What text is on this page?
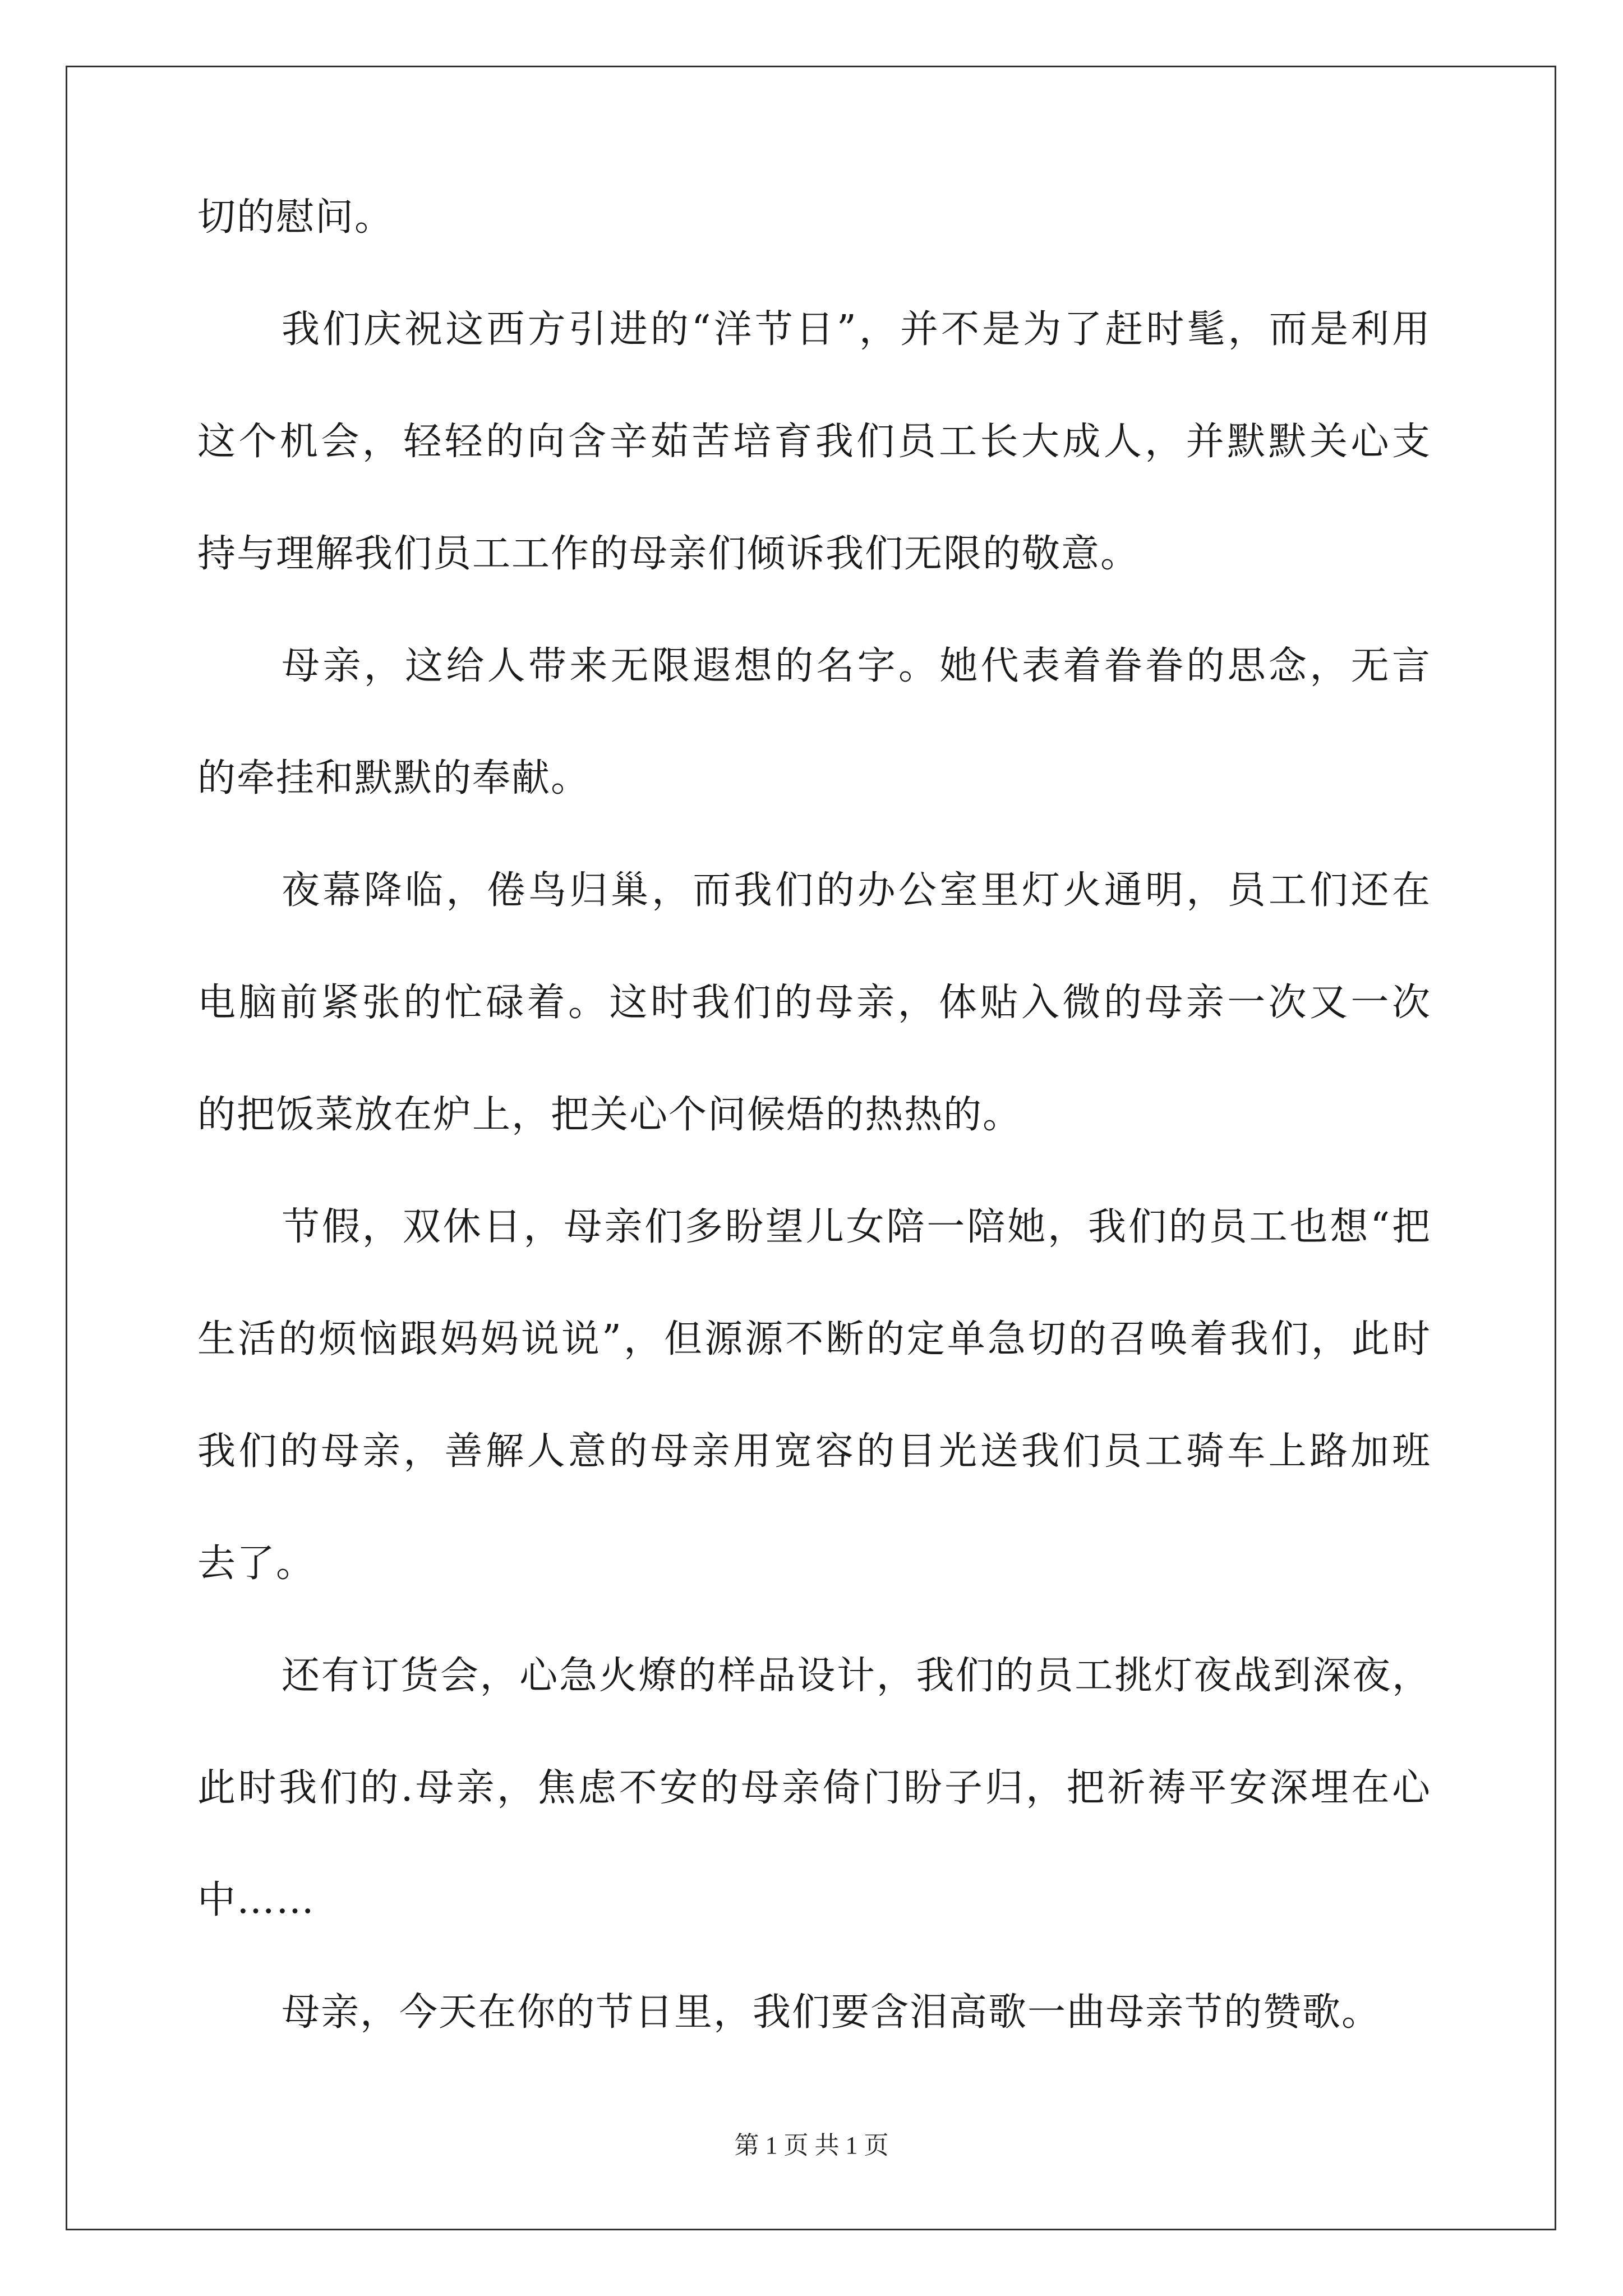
切的慰问。
我们庆祝这西方引进的“洋节日”，并不是为了赶时髦，而是利用
这个机会，轻轻的向含辛茹苦培育我们员工长大成人，并默默关心支
持与理解我们员工工作的母亲们倾诉我们无限的敬意。
母亲，这给人带来无限遐想的名字。她代表着眷眷的思念，无言
的牵挂和默默的奉献。
夜幕降临，倦鸟归巢，而我们的办公室里灯火通明，员工们还在
电脑前紧张的忙碌着。这时我们的母亲，体贴入微的母亲一次又一次
的把饭菜放在炉上，把关心个问候焐的热热的。
节假，双休日，母亲们多盼望儿女陪一陪她，我们的员工也想“把
生活的烦恼跟妈妈说说”，但源源不断的定单急切的召唤着我们，此时
我们的母亲，善解人意的母亲用宽容的目光送我们员工骑车上路加班
去了。
还有订货会，心急火燎的样品设计，我们的员工挑灯夜战到深夜，
此时我们的.母亲，焦虑不安的母亲倚门盼子归，把祈祷平安深埋在心
中……
母亲，今天在你的节日里，我们要含泪高歌一曲母亲节的赞歌。
第 1 页 共 1 页
